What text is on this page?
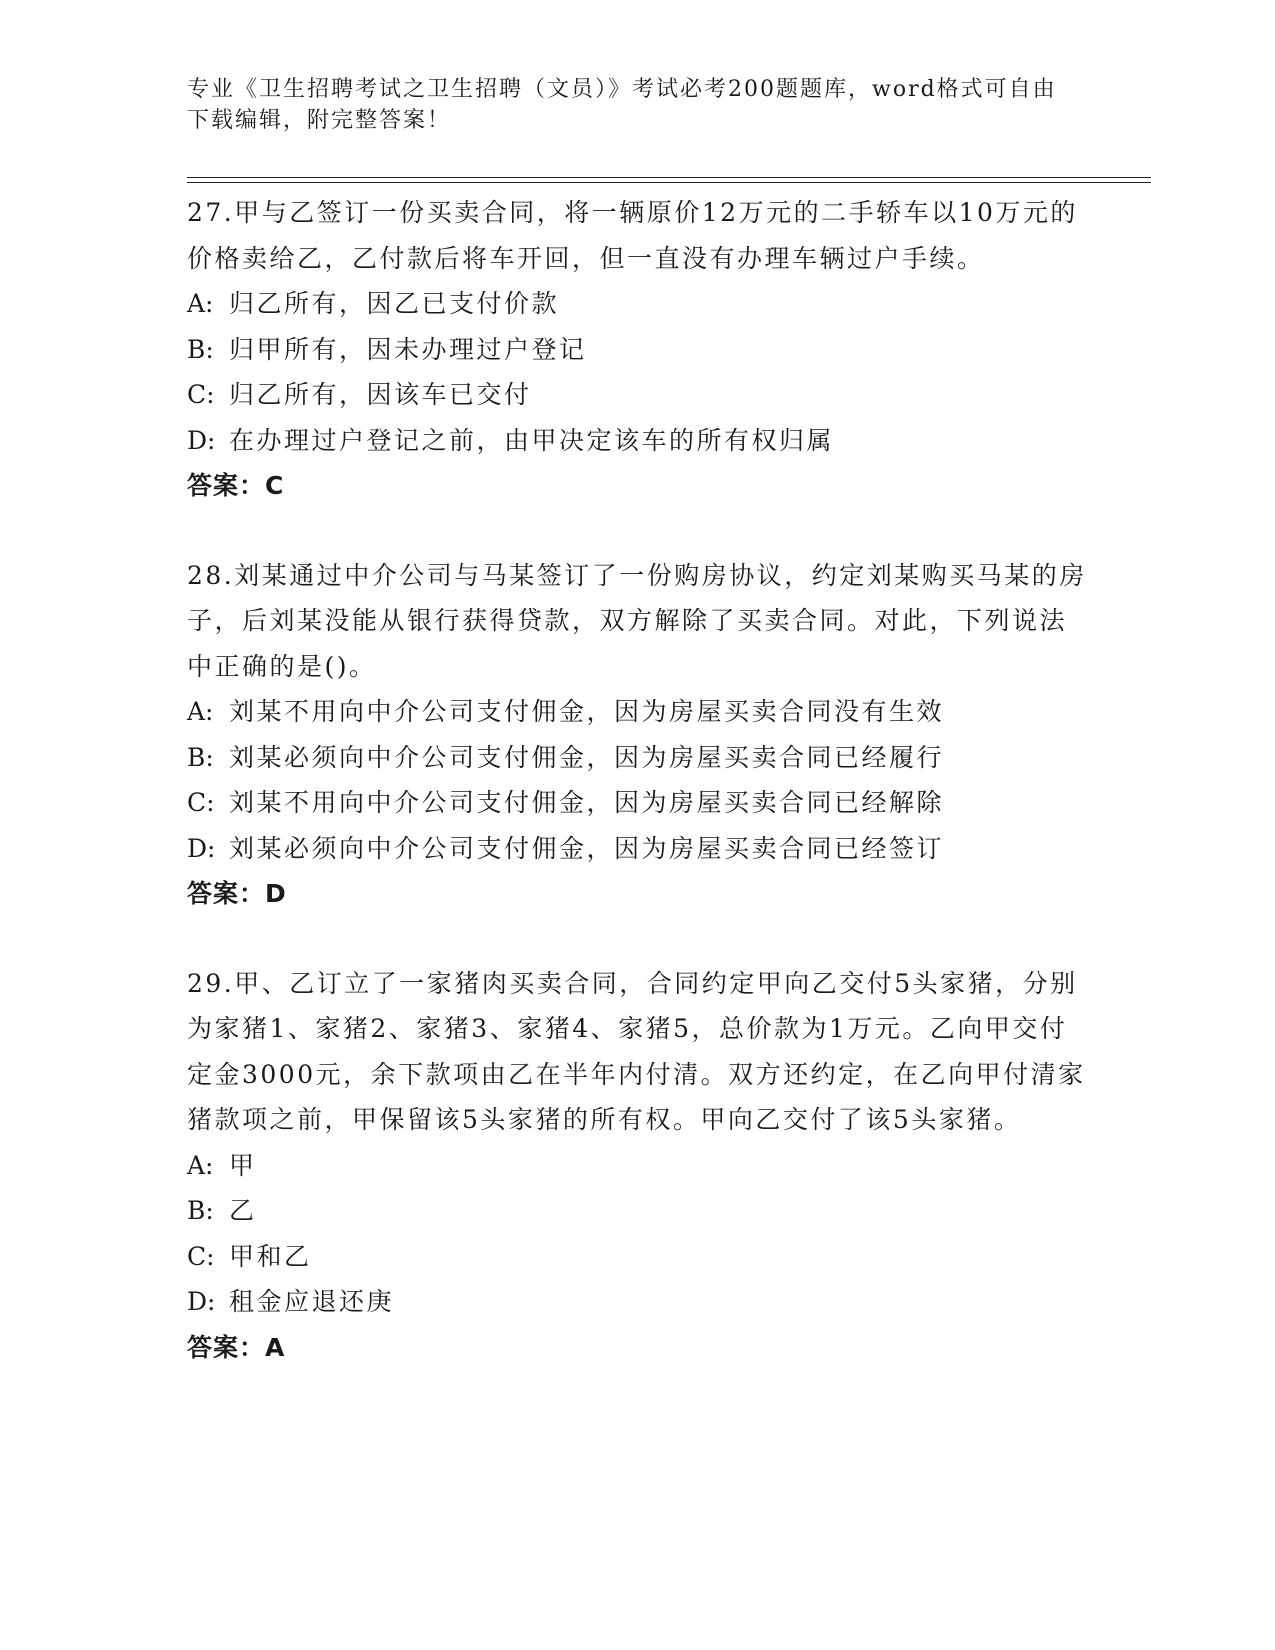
专业《卫生招聘考试之卫生招聘（文员）》考试必考200题题库，word格式可自由下载编辑，附完整答案！

27.甲与乙签订一份买卖合同，将一辆原价12万元的二手轿车以10万元的价格卖给乙，乙付款后将车开回，但一直没有办理车辆过户手续。

A: 归乙所有，因乙已支付价款

B: 归甲所有，因未办理过户登记

C: 归乙所有，因该车已交付

D: 在办理过户登记之前，由甲决定该车的所有权归属

答案：C

28.刘某通过中介公司与马某签订了一份购房协议，约定刘某购买马某的房子，后刘某没能从银行获得贷款，双方解除了买卖合同。对此，下列说法中正确的是()。

A: 刘某不用向中介公司支付佣金，因为房屋买卖合同没有生效

B: 刘某必须向中介公司支付佣金，因为房屋买卖合同已经履行

C: 刘某不用向中介公司支付佣金，因为房屋买卖合同已经解除

D: 刘某必须向中介公司支付佣金，因为房屋买卖合同已经签订

答案：D

29.甲、乙订立了一家猪肉买卖合同，合同约定甲向乙交付5头家猪，分别为家猪1、家猪2、家猪3、家猪4、家猪5，总价款为1万元。乙向甲交付定金3000元，余下款项由乙在半年内付清。双方还约定，在乙向甲付清家猪款项之前，甲保留该5头家猪的所有权。甲向乙交付了该5头家猪。

A: 甲

B: 乙

C: 甲和乙

D: 租金应退还庚

答案：A
